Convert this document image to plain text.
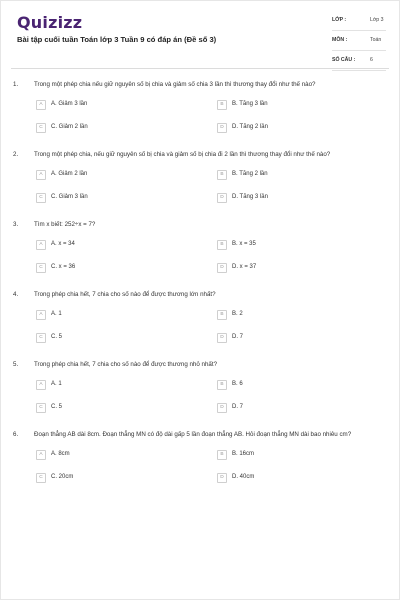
Quizizz
Bài tập cuối tuần Toán lớp 3 Tuần 9 có đáp án (Đề số 3)
LỚP :	Lớp 3
MÔN :	Toán
SỐ CÂU :	6
1.	Trong một phép chia nếu giữ nguyên số bị chia và giảm số chia 3 lần thì thương thay đổi như thế nào?
A	A. Giảm 3 lần	B	B. Tăng 3 lần
C	C. Giảm 2 lần	D	D. Tăng 2 lần
2.	Trong một phép chia, nếu giữ nguyên số bị chia và giảm số bị chia đi 2 lần thì thương thay đổi như thế nào?
A	A. Giảm 2 lần	B	B. Tăng 2 lần
C	C. Giảm 3 lần	D	D. Tăng 3 lần
3.	Tìm x biết: 252÷x = 7?
A	A. x = 34	B	B. x = 35
C	C. x = 36	D	D. x = 37
4.	Trong phép chia hết, 7 chia cho số nào để được thương lớn nhất?
A	A. 1	B	B. 2
C	C. 5	D	D. 7
5.	Trong phép chia hết, 7 chia cho số nào để được thương nhỏ nhất?
A	A. 1	B	B. 6
C	C. 5	D	D. 7
6.	Đoạn thẳng AB dài 8cm. Đoạn thẳng MN có độ dài gấp 5 lần đoạn thẳng AB. Hỏi đoạn thẳng MN dài bao nhiêu cm?
A	A. 8cm	B	B. 16cm
C	C. 20cm	D	D. 40cm
